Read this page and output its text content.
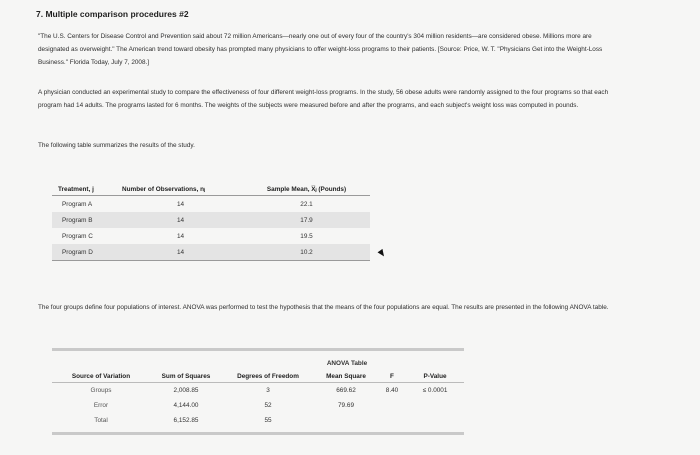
7. Multiple comparison procedures #2
"The U.S. Centers for Disease Control and Prevention said about 72 million Americans—nearly one out of every four of the country's 304 million residents—are considered obese. Millions more are designated as overweight." The American trend toward obesity has prompted many physicians to offer weight-loss programs to their patients. [Source: Price, W. T. "Physicians Get into the Weight-Loss Business." Florida Today, July 7, 2008.]
A physician conducted an experimental study to compare the effectiveness of four different weight-loss programs. In the study, 56 obese adults were randomly assigned to the four programs so that each program had 14 adults. The programs lasted for 6 months. The weights of the subjects were measured before and after the programs, and each subject's weight loss was computed in pounds.
The following table summarizes the results of the study.
Treatment, j	Number of Observations, nⱼ	Sample Mean, X̅ⱼ (Pounds)
Program A	14	22.1
Program B	14	17.9
Program C	14	19.5
Program D	14	10.2
The four groups define four populations of interest. ANOVA was performed to test the hypothesis that the means of the four populations are equal. The results are presented in the following ANOVA table.
ANOVA Table
Source of Variation	Sum of Squares	Degrees of Freedom	Mean Square	F	P-Value
Groups	2,008.85	3	669.62	8.40	≤ 0.0001
Error	4,144.00	52	79.69
Total	6,152.85	55
